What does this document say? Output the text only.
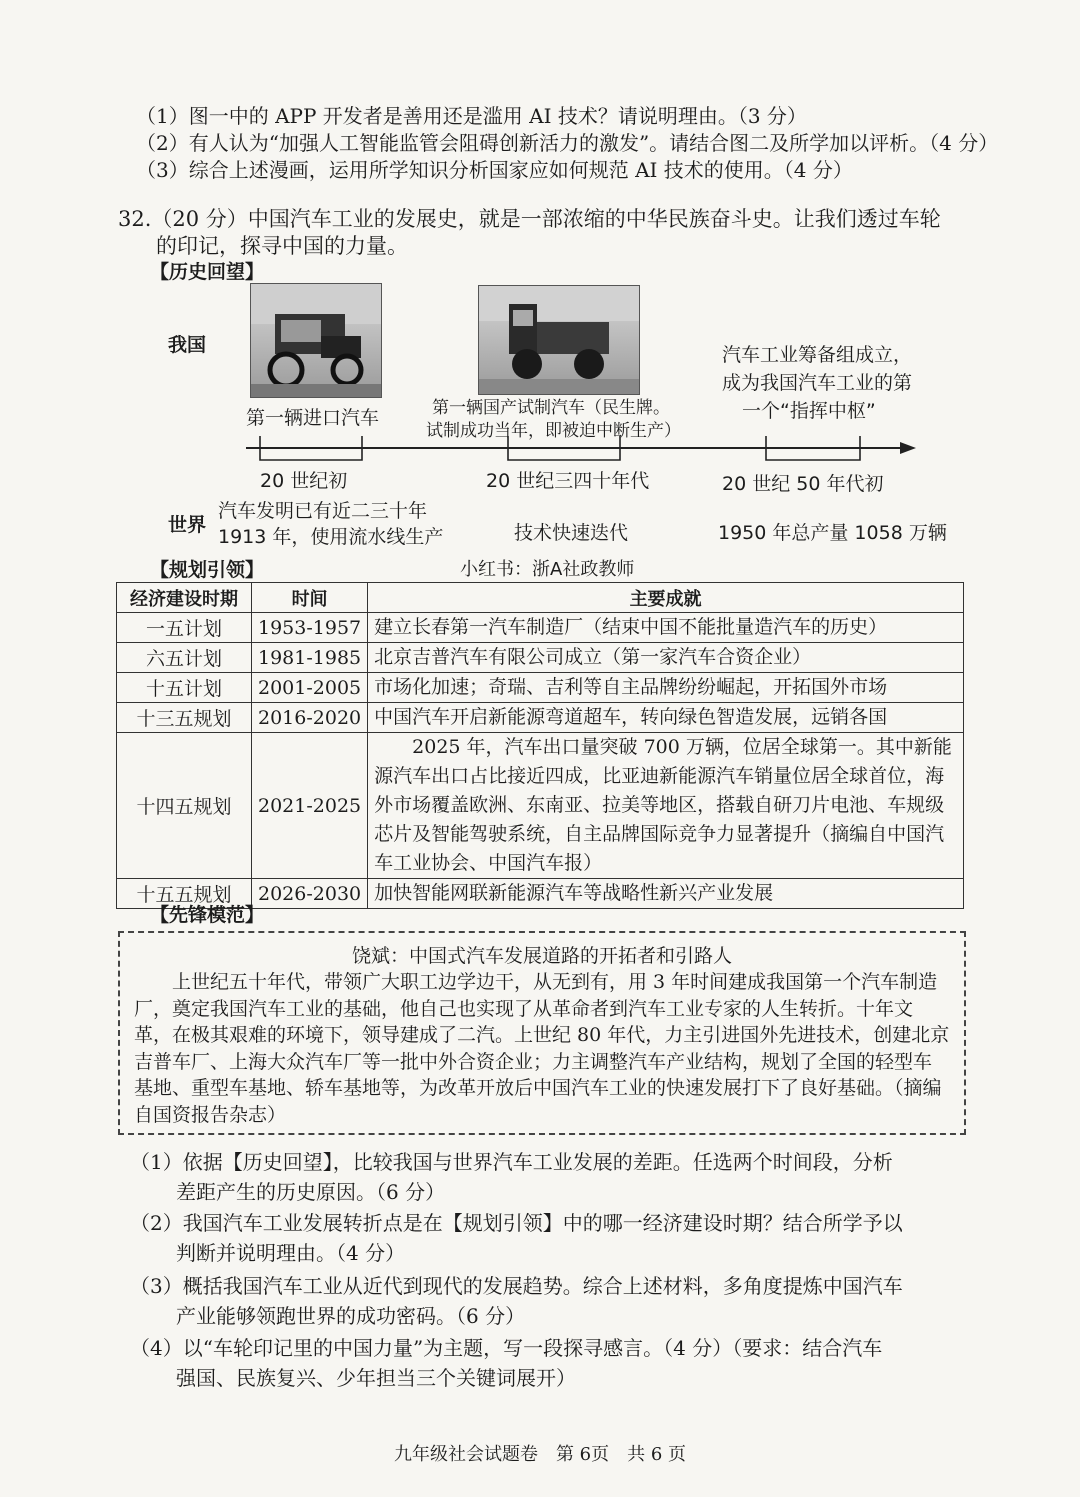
（1）图一中的 APP 开发者是善用还是滥用 AI 技术？请说明理由。（3 分）
（2）有人认为“加强人工智能监管会阻碍创新活力的激发”。请结合图二及所学加以评析。（4 分）
（3）综合上述漫画，运用所学知识分析国家应如何规范 AI 技术的使用。（4 分）
32.（20 分）中国汽车工业的发展史，就是一部浓缩的中华民族奋斗史。让我们透过车轮
的印记，探寻中国的力量。
【历史回望】
我国
世界
第一辆进口汽车	第一辆国产试制汽车（民生牌。
试制成功当年，即被迫中断生产）
汽车工业筹备组成立，
成为我国汽车工业的第
一个“指挥中枢”
20 世纪初	20 世纪三四十年代	20 世纪 50 年代初
汽车发明已有近二三十年
1913 年，使用流水线生产	技术快速迭代	1950 年总产量 1058 万辆
小红书：浙A社政教师
【规划引领】
经济建设时期	时间	主要成就
一五计划	1953-1957	建立长春第一汽车制造厂（结束中国不能批量造汽车的历史）
六五计划	1981-1985	北京吉普汽车有限公司成立（第一家汽车合资企业）
十五计划	2001-2005	市场化加速；奇瑞、吉利等自主品牌纷纷崛起，开拓国外市场
十三五规划	2016-2020	中国汽车开启新能源弯道超车，转向绿色智造发展，远销各国
十四五规划	2021-2025	2025 年，汽车出口量突破 700 万辆，位居全球第一。其中新能源汽车出口占比接近四成，比亚迪新能源汽车销量位居全球首位，海外市场覆盖欧洲、东南亚、拉美等地区，搭载自研刀片电池、车规级芯片及智能驾驶系统，自主品牌国际竞争力显著提升（摘编自中国汽车工业协会、中国汽车报）
十五五规划	2026-2030	加快智能网联新能源汽车等战略性新兴产业发展
【先锋模范】
饶斌：中国式汽车发展道路的开拓者和引路人
上世纪五十年代，带领广大职工边学边干，从无到有，用 3 年时间建成我国第一个汽车制造厂，奠定我国汽车工业的基础，他自己也实现了从革命者到汽车工业专家的人生转折。十年文革，在极其艰难的环境下，领导建成了二汽。上世纪 80 年代，力主引进国外先进技术，创建北京吉普车厂、上海大众汽车厂等一批中外合资企业；力主调整汽车产业结构，规划了全国的轻型车基地、重型车基地、轿车基地等，为改革开放后中国汽车工业的快速发展打下了良好基础。（摘编自国资报告杂志）
（1）依据【历史回望】，比较我国与世界汽车工业发展的差距。任选两个时间段，分析
差距产生的历史原因。（6 分）
（2）我国汽车工业发展转折点是在【规划引领】中的哪一经济建设时期？结合所学予以
判断并说明理由。（4 分）
（3）概括我国汽车工业从近代到现代的发展趋势。综合上述材料，多角度提炼中国汽车
产业能够领跑世界的成功密码。（6 分）
（4）以“车轮印记里的中国力量”为主题，写一段探寻感言。（4 分）（要求：结合汽车
强国、民族复兴、少年担当三个关键词展开）
九年级社会试题卷　第 6页　共 6 页
